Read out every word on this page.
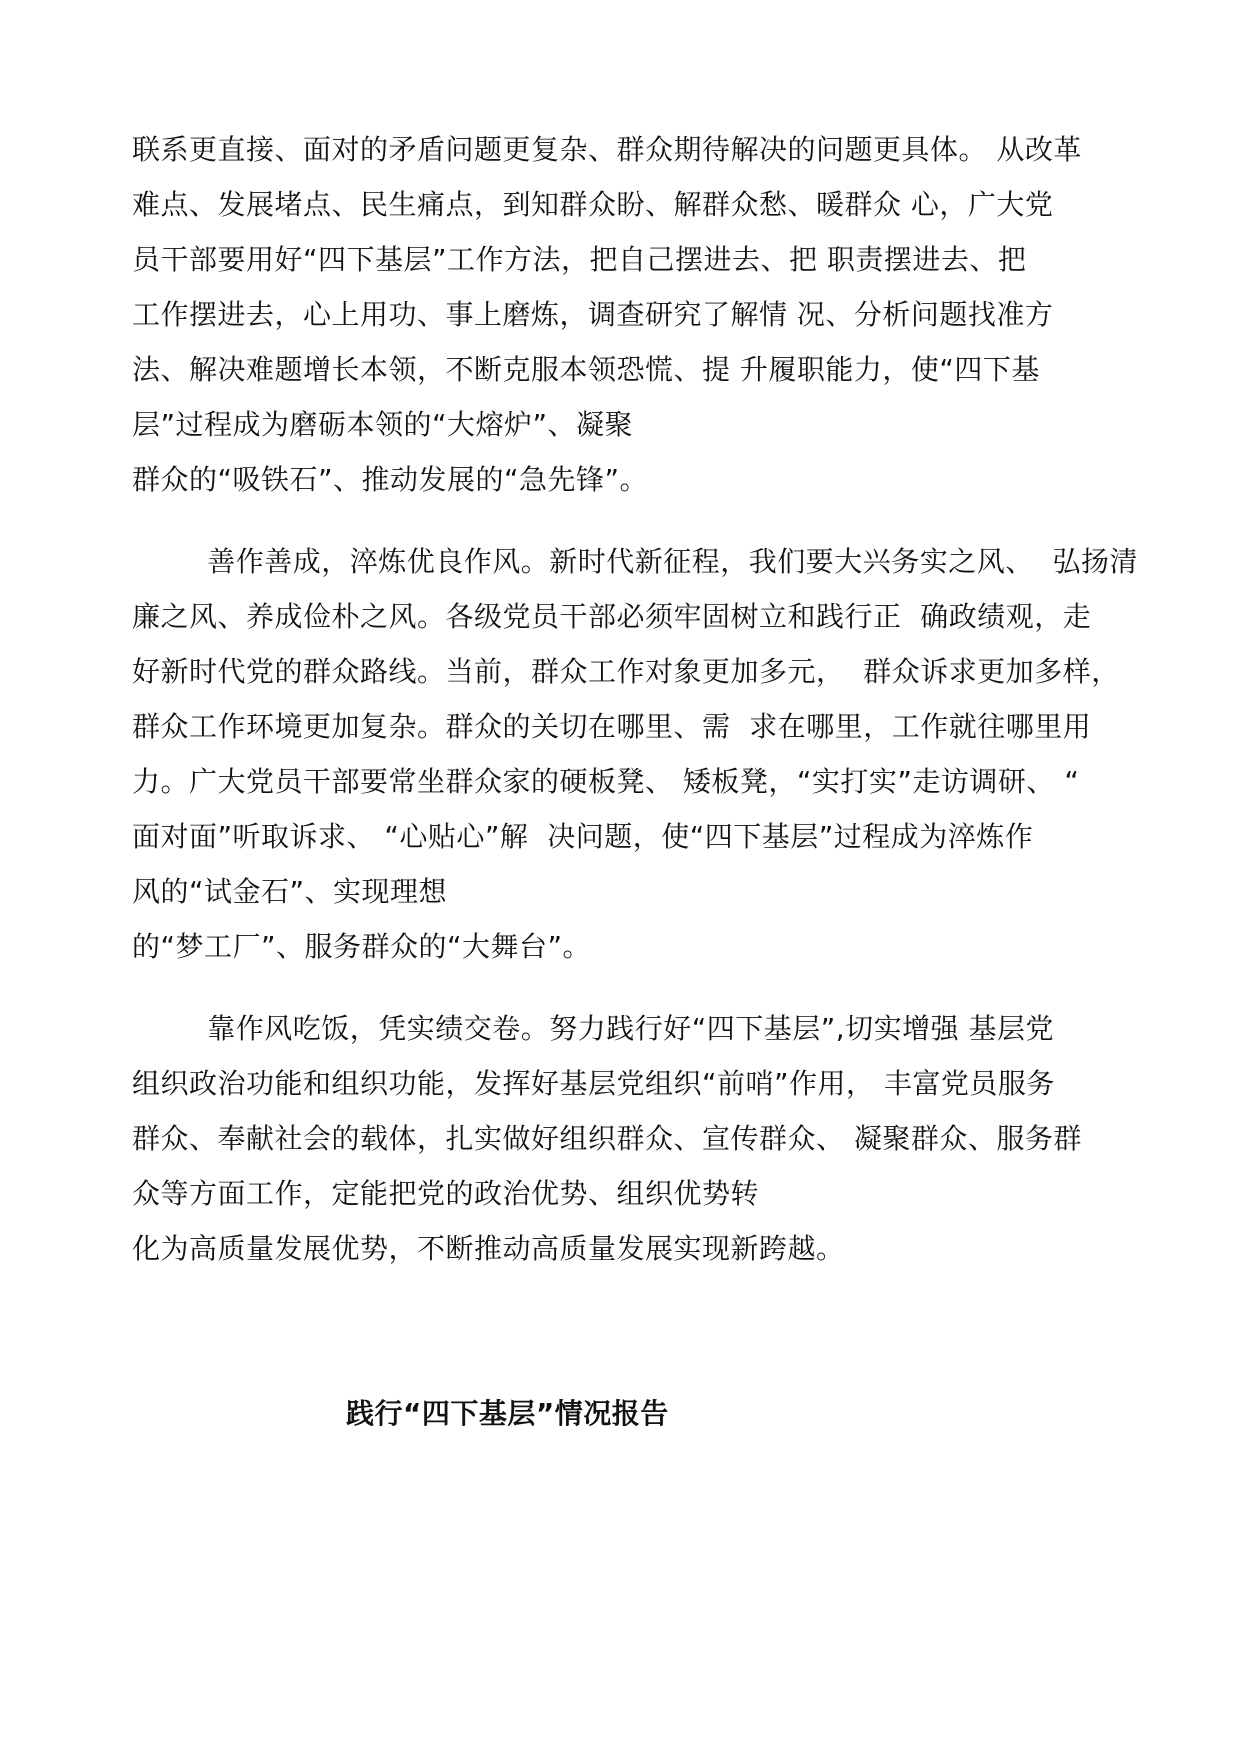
联系更直接、面对的矛盾问题更复杂、群众期待解决的问题更具体。 从改革
难点、发展堵点、民生痛点，到知群众盼、解群众愁、暖群众 心，广大党
员干部要用好“四下基层”工作方法，把自己摆进去、把 职责摆进去、把
工作摆进去，心上用功、事上磨炼，调查研究了解情 况、分析问题找准方
法、解决难题增长本领，不断克服本领恐慌、提 升履职能力，使“四下基
层”过程成为磨砺本领的“大熔炉”、凝聚
群众的“吸铁石”、推动发展的“急先锋”。
善作善成，淬炼优良作风。新时代新征程，我们要大兴务实之风、  弘扬清
廉之风、养成俭朴之风。各级党员干部必须牢固树立和践行正  确政绩观，走
好新时代党的群众路线。当前，群众工作对象更加多元，  群众诉求更加多样，
群众工作环境更加复杂。群众的关切在哪里、需  求在哪里，工作就往哪里用
力。广大党员干部要常坐群众家的硬板凳、 矮板凳，“实打实”走访调研、 “
面对面”听取诉求、 “心贴心”解  决问题，使“四下基层”过程成为淬炼作
风的“试金石”、实现理想
的“梦工厂”、服务群众的“大舞台”。
靠作风吃饭，凭实绩交卷。努力践行好“四下基层”,切实增强 基层党
组织政治功能和组织功能，发挥好基层党组织“前哨”作用， 丰富党员服务
群众、奉献社会的载体，扎实做好组织群众、宣传群众、 凝聚群众、服务群
众等方面工作，定能把党的政治优势、组织优势转
化为高质量发展优势，不断推动高质量发展实现新跨越。
践行“四下基层”情况报告
